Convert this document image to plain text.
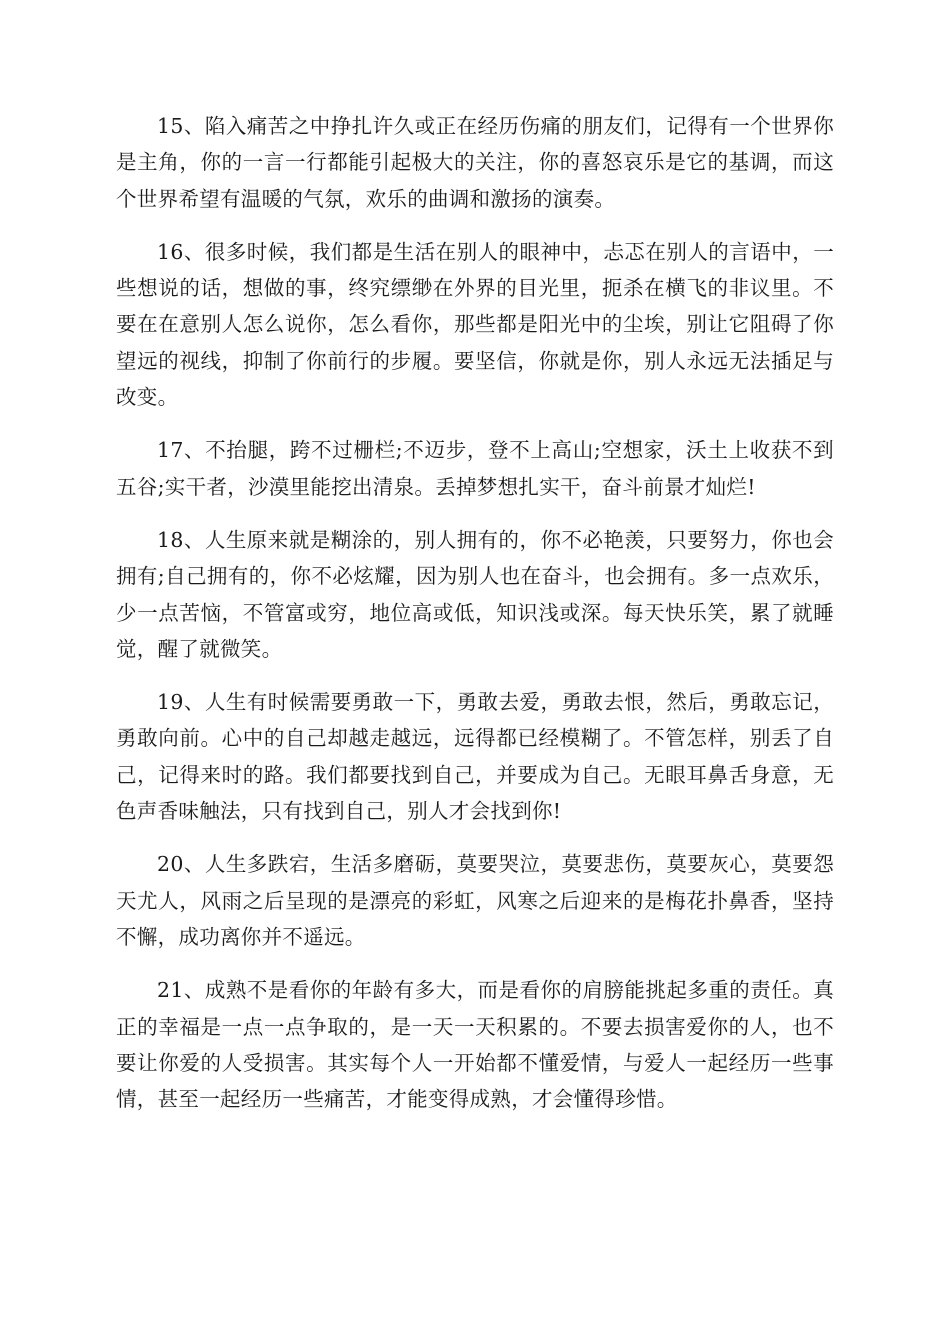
15、陷入痛苦之中挣扎许久或正在经历伤痛的朋友们，记得有一个世界你是主角，你的一言一行都能引起极大的关注，你的喜怒哀乐是它的基调，而这个世界希望有温暖的气氛，欢乐的曲调和激扬的演奏。

16、很多时候，我们都是生活在别人的眼神中，忐忑在别人的言语中，一些想说的话，想做的事，终究缥缈在外界的目光里，扼杀在横飞的非议里。不要在在意别人怎么说你，怎么看你，那些都是阳光中的尘埃，别让它阻碍了你望远的视线，抑制了你前行的步履。要坚信，你就是你，别人永远无法插足与改变。

17、不抬腿，跨不过栅栏;不迈步，登不上高山;空想家，沃土上收获不到五谷;实干者，沙漠里能挖出清泉。丢掉梦想扎实干，奋斗前景才灿烂!

18、人生原来就是糊涂的，别人拥有的，你不必艳羡，只要努力，你也会拥有;自己拥有的，你不必炫耀，因为别人也在奋斗，也会拥有。多一点欢乐，少一点苦恼，不管富或穷，地位高或低，知识浅或深。每天快乐笑，累了就睡觉，醒了就微笑。

19、人生有时候需要勇敢一下，勇敢去爱，勇敢去恨，然后，勇敢忘记，勇敢向前。心中的自己却越走越远，远得都已经模糊了。不管怎样，别丢了自己，记得来时的路。我们都要找到自己，并要成为自己。无眼耳鼻舌身意，无色声香味触法，只有找到自己，别人才会找到你!

20、人生多跌宕，生活多磨砺，莫要哭泣，莫要悲伤，莫要灰心，莫要怨天尤人，风雨之后呈现的是漂亮的彩虹，风寒之后迎来的是梅花扑鼻香，坚持不懈，成功离你并不遥远。

21、成熟不是看你的年龄有多大，而是看你的肩膀能挑起多重的责任。真正的幸福是一点一点争取的，是一天一天积累的。不要去损害爱你的人，也不要让你爱的人受损害。其实每个人一开始都不懂爱情，与爱人一起经历一些事情，甚至一起经历一些痛苦，才能变得成熟，才会懂得珍惜。
